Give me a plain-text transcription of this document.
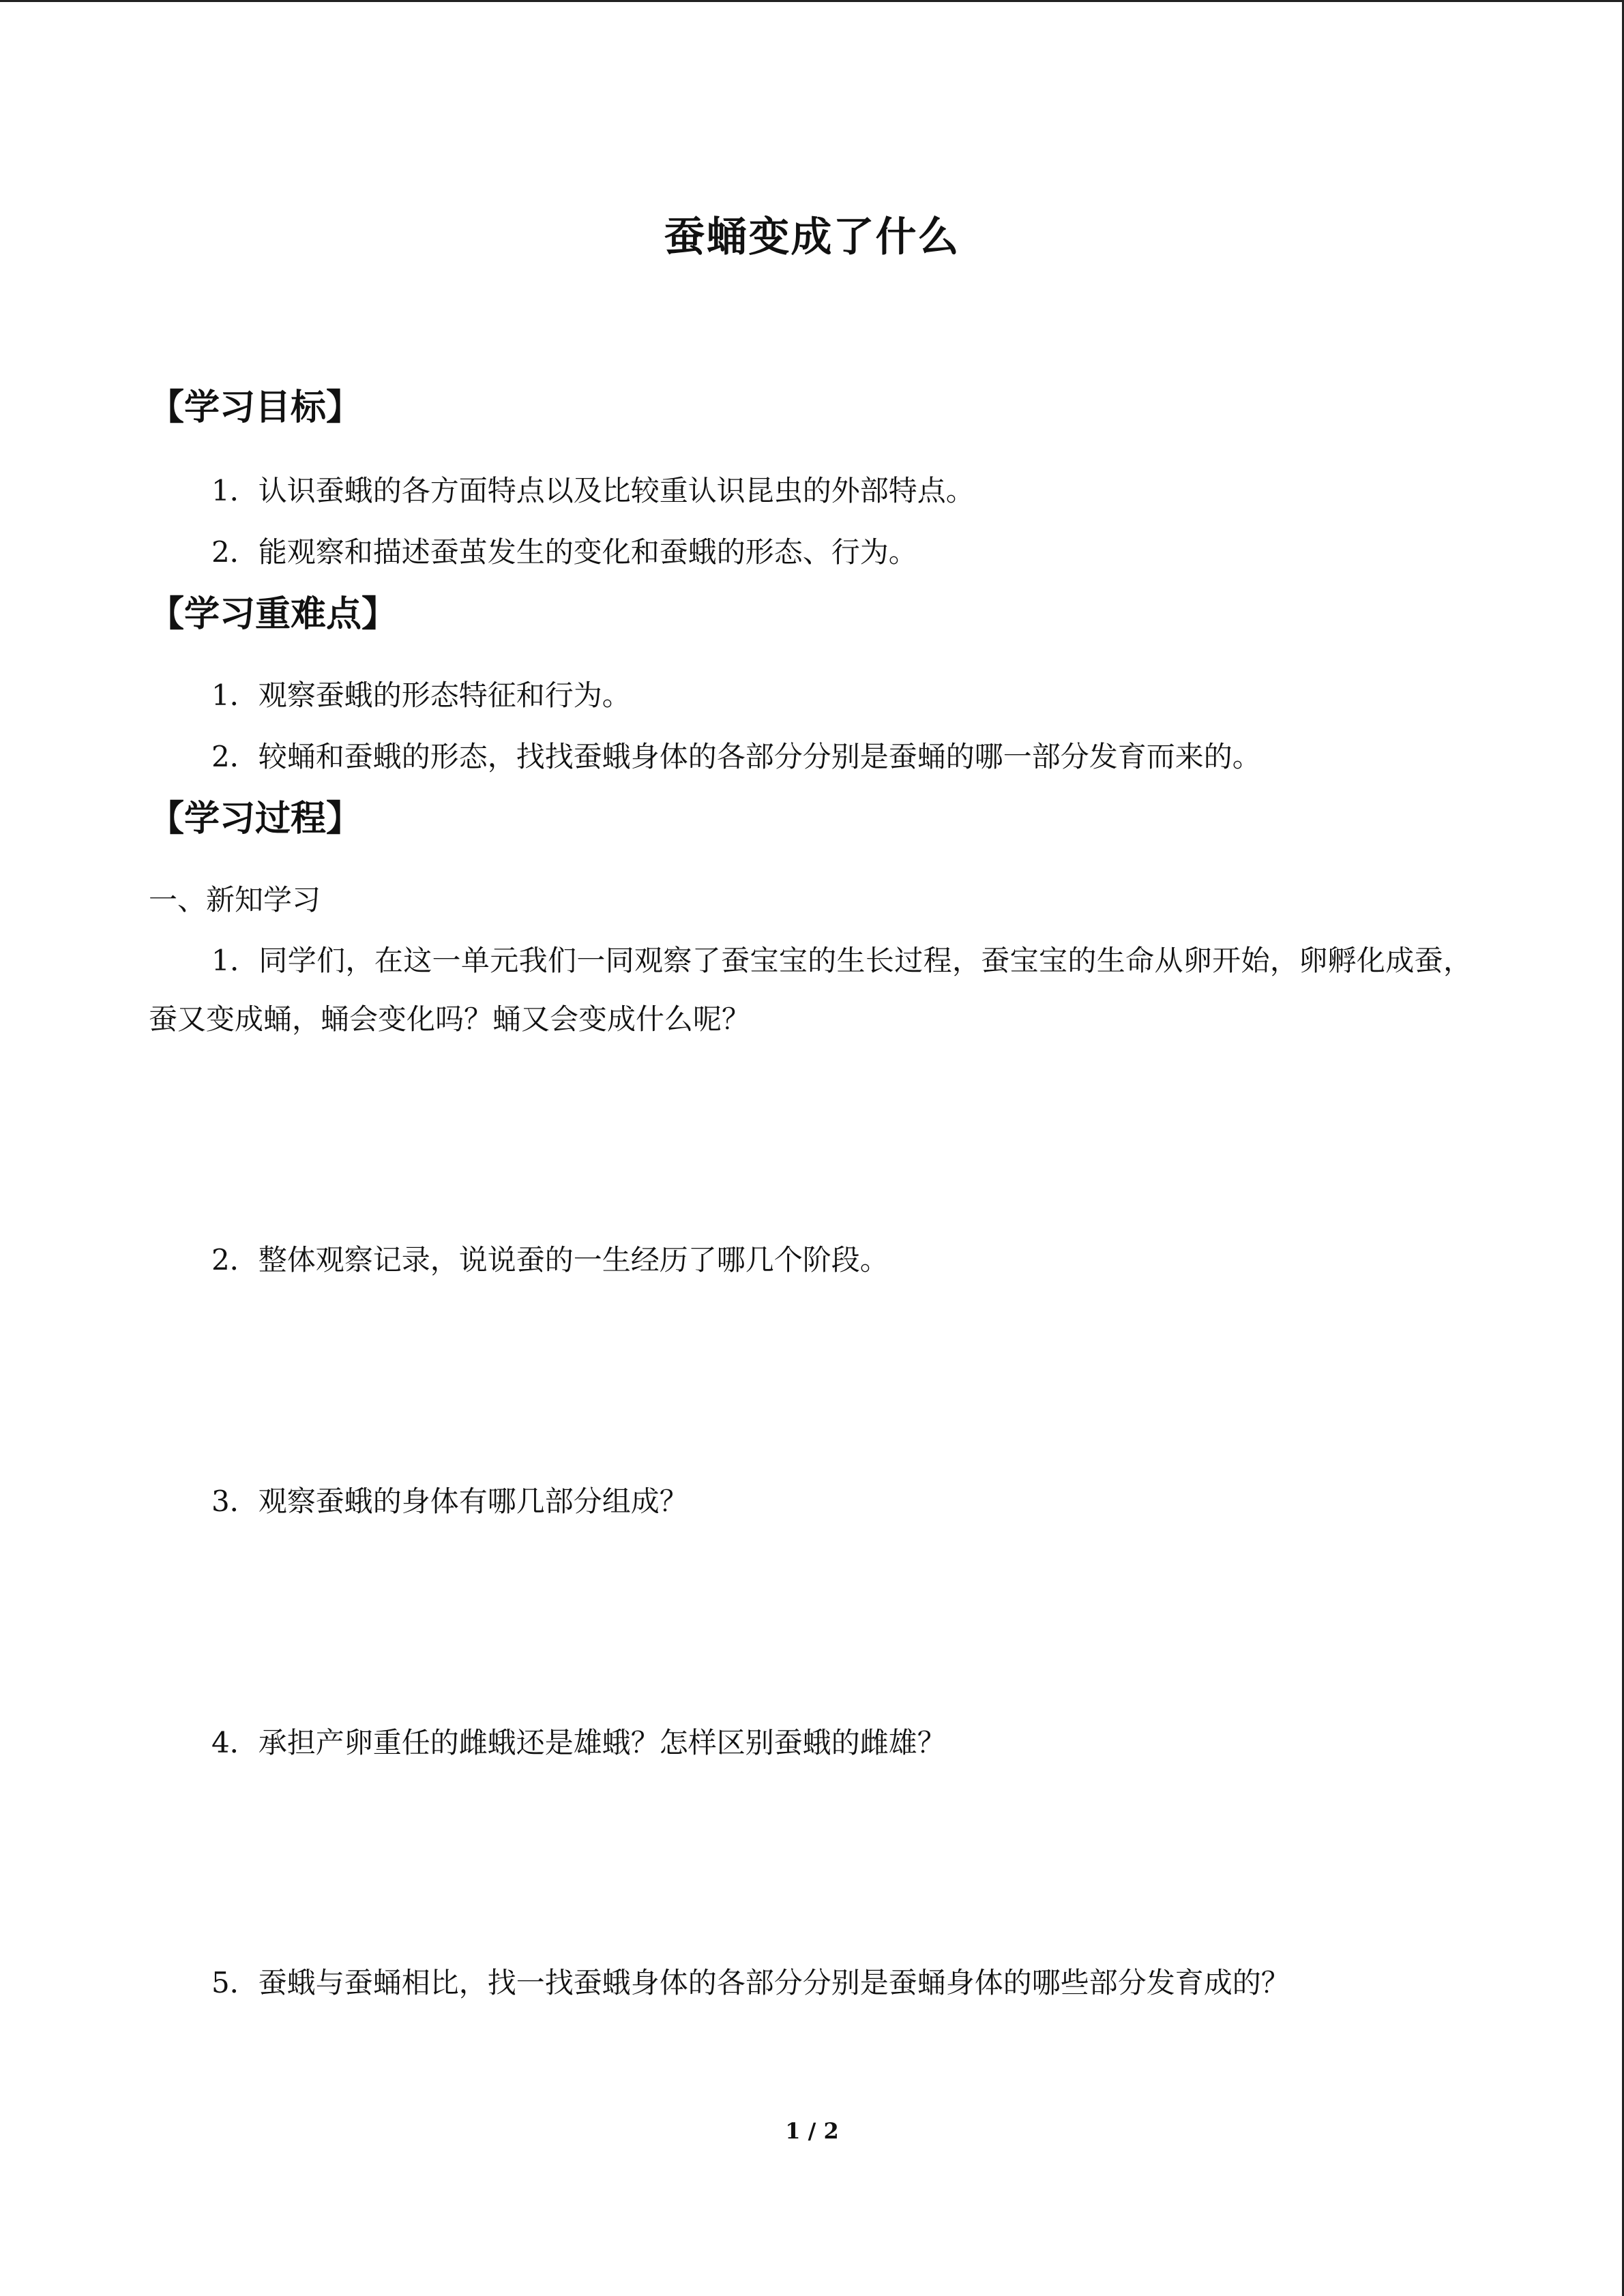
蚕蛹变成了什么
【学习目标】
1．认识蚕蛾的各方面特点以及比较重认识昆虫的外部特点。
2．能观察和描述蚕茧发生的变化和蚕蛾的形态、行为。
【学习重难点】
1．观察蚕蛾的形态特征和行为。
2．较蛹和蚕蛾的形态，找找蚕蛾身体的各部分分别是蚕蛹的哪一部分发育而来的。
【学习过程】
一、新知学习
1．同学们，在这一单元我们一同观察了蚕宝宝的生长过程，蚕宝宝的生命从卵开始，卵孵化成蚕，蚕又变成蛹，蛹会变化吗？蛹又会变成什么呢？
2．整体观察记录，说说蚕的一生经历了哪几个阶段。
3．观察蚕蛾的身体有哪几部分组成？
4．承担产卵重任的雌蛾还是雄蛾？怎样区别蚕蛾的雌雄？
5．蚕蛾与蚕蛹相比，找一找蚕蛾身体的各部分分别是蚕蛹身体的哪些部分发育成的？
1 / 2
